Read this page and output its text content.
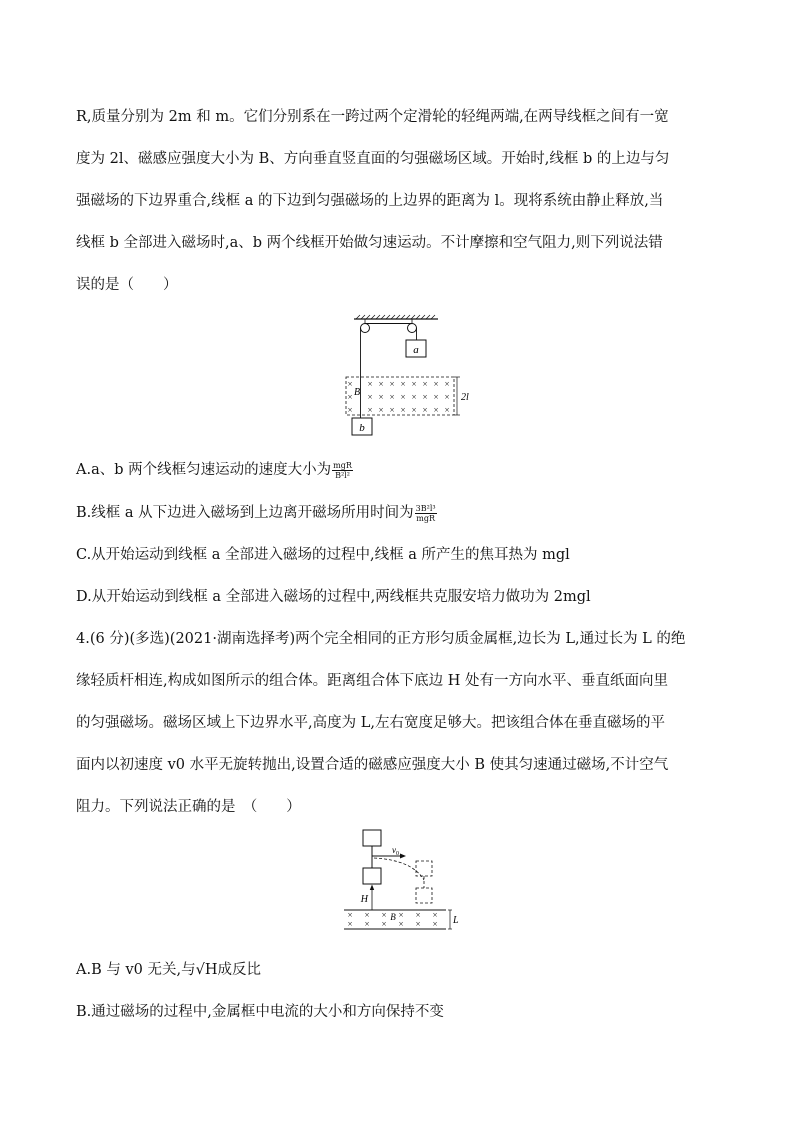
R,质量分别为 2m 和 m。它们分别系在一跨过两个定滑轮的轻绳两端,在两导线框之间有一宽

度为 2l、磁感应强度大小为 B、方向垂直竖直面的匀强磁场区域。开始时,线框 b 的上边与匀

强磁场的下边界重合,线框 a 的下边到匀强磁场的上边界的距离为 l。现将系统由静止释放,当

线框 b 全部进入磁场时,a、b 两个线框开始做匀速运动。不计摩擦和空气阻力,则下列说法错

误的是（　　）

a
× × × × × × × × ×
× × × × × × × × ×
× × × × × × × × ×
B	2l
b

A.a、b 两个线框匀速运动的速度大小为 $\frac{\text{mgR}}{\text{B²l²}}$

B.线框 a 从下边进入磁场到上边离开磁场所用时间为 $\frac{\text{3B²l³}}{\text{mgR}}$

C.从开始运动到线框 a 全部进入磁场的过程中,线框 a 所产生的焦耳热为 mgl

D.从开始运动到线框 a 全部进入磁场的过程中,两线框共克服安培力做功为 2mgl

4.(6 分)(多选)(2021·湖南选择考)两个完全相同的正方形匀质金属框,边长为 L,通过长为 L 的绝

缘轻质杆相连,构成如图所示的组合体。距离组合体下底边 H 处有一方向水平、垂直纸面向里

的匀强磁场。磁场区域上下边界水平,高度为 L,左右宽度足够大。把该组合体在垂直磁场的平

面内以初速度 v0 水平无旋转抛出,设置合适的磁感应强度大小 B 使其匀速通过磁场,不计空气

阻力。下列说法正确的是　（　　）

$v_0$
H
× × × × × ×
× × × × × ×
B	L

A.B 与 v0 无关,与√H成反比

B.通过磁场的过程中,金属框中电流的大小和方向保持不变
